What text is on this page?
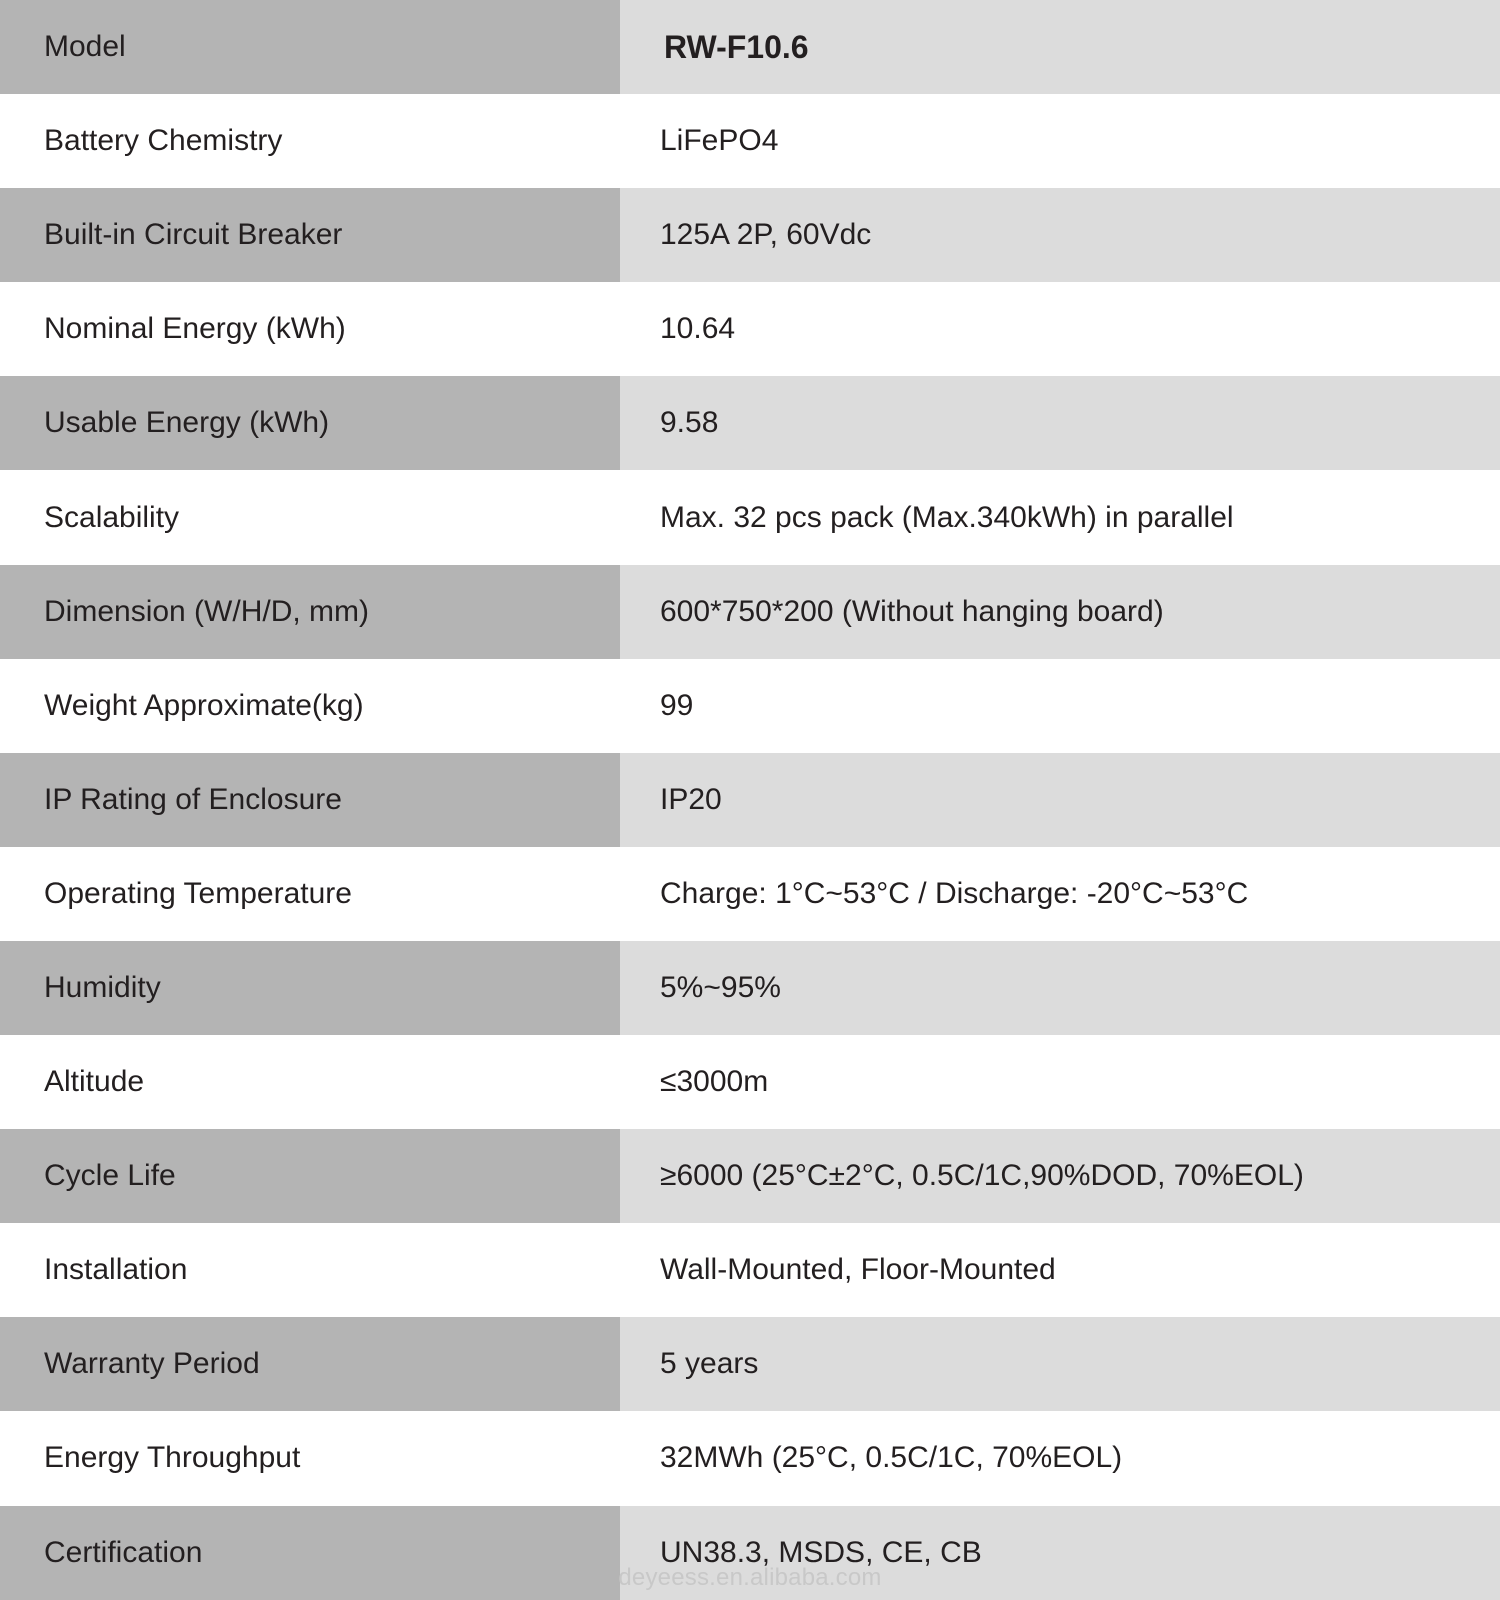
Model	RW-F10.6
Battery Chemistry	LiFePO4
Built-in Circuit Breaker	125A 2P, 60Vdc
Nominal Energy (kWh)	10.64
Usable Energy (kWh)	9.58
Scalability	Max. 32 pcs pack (Max.340kWh) in parallel
Dimension (W/H/D, mm)	600*750*200 (Without hanging board)
Weight Approximate(kg)	99
IP Rating of Enclosure	IP20
Operating Temperature	Charge: 1°C~53°C / Discharge: -20°C~53°C
Humidity	5%~95%
Altitude	≤3000m
Cycle Life	≥6000 (25°C±2°C, 0.5C/1C,90%DOD, 70%EOL)
Installation	Wall-Mounted, Floor-Mounted
Warranty Period	5 years
Energy Throughput	32MWh (25°C, 0.5C/1C, 70%EOL)
Certification	UN38.3, MSDS, CE, CB
deyeess.en.alibaba.com
